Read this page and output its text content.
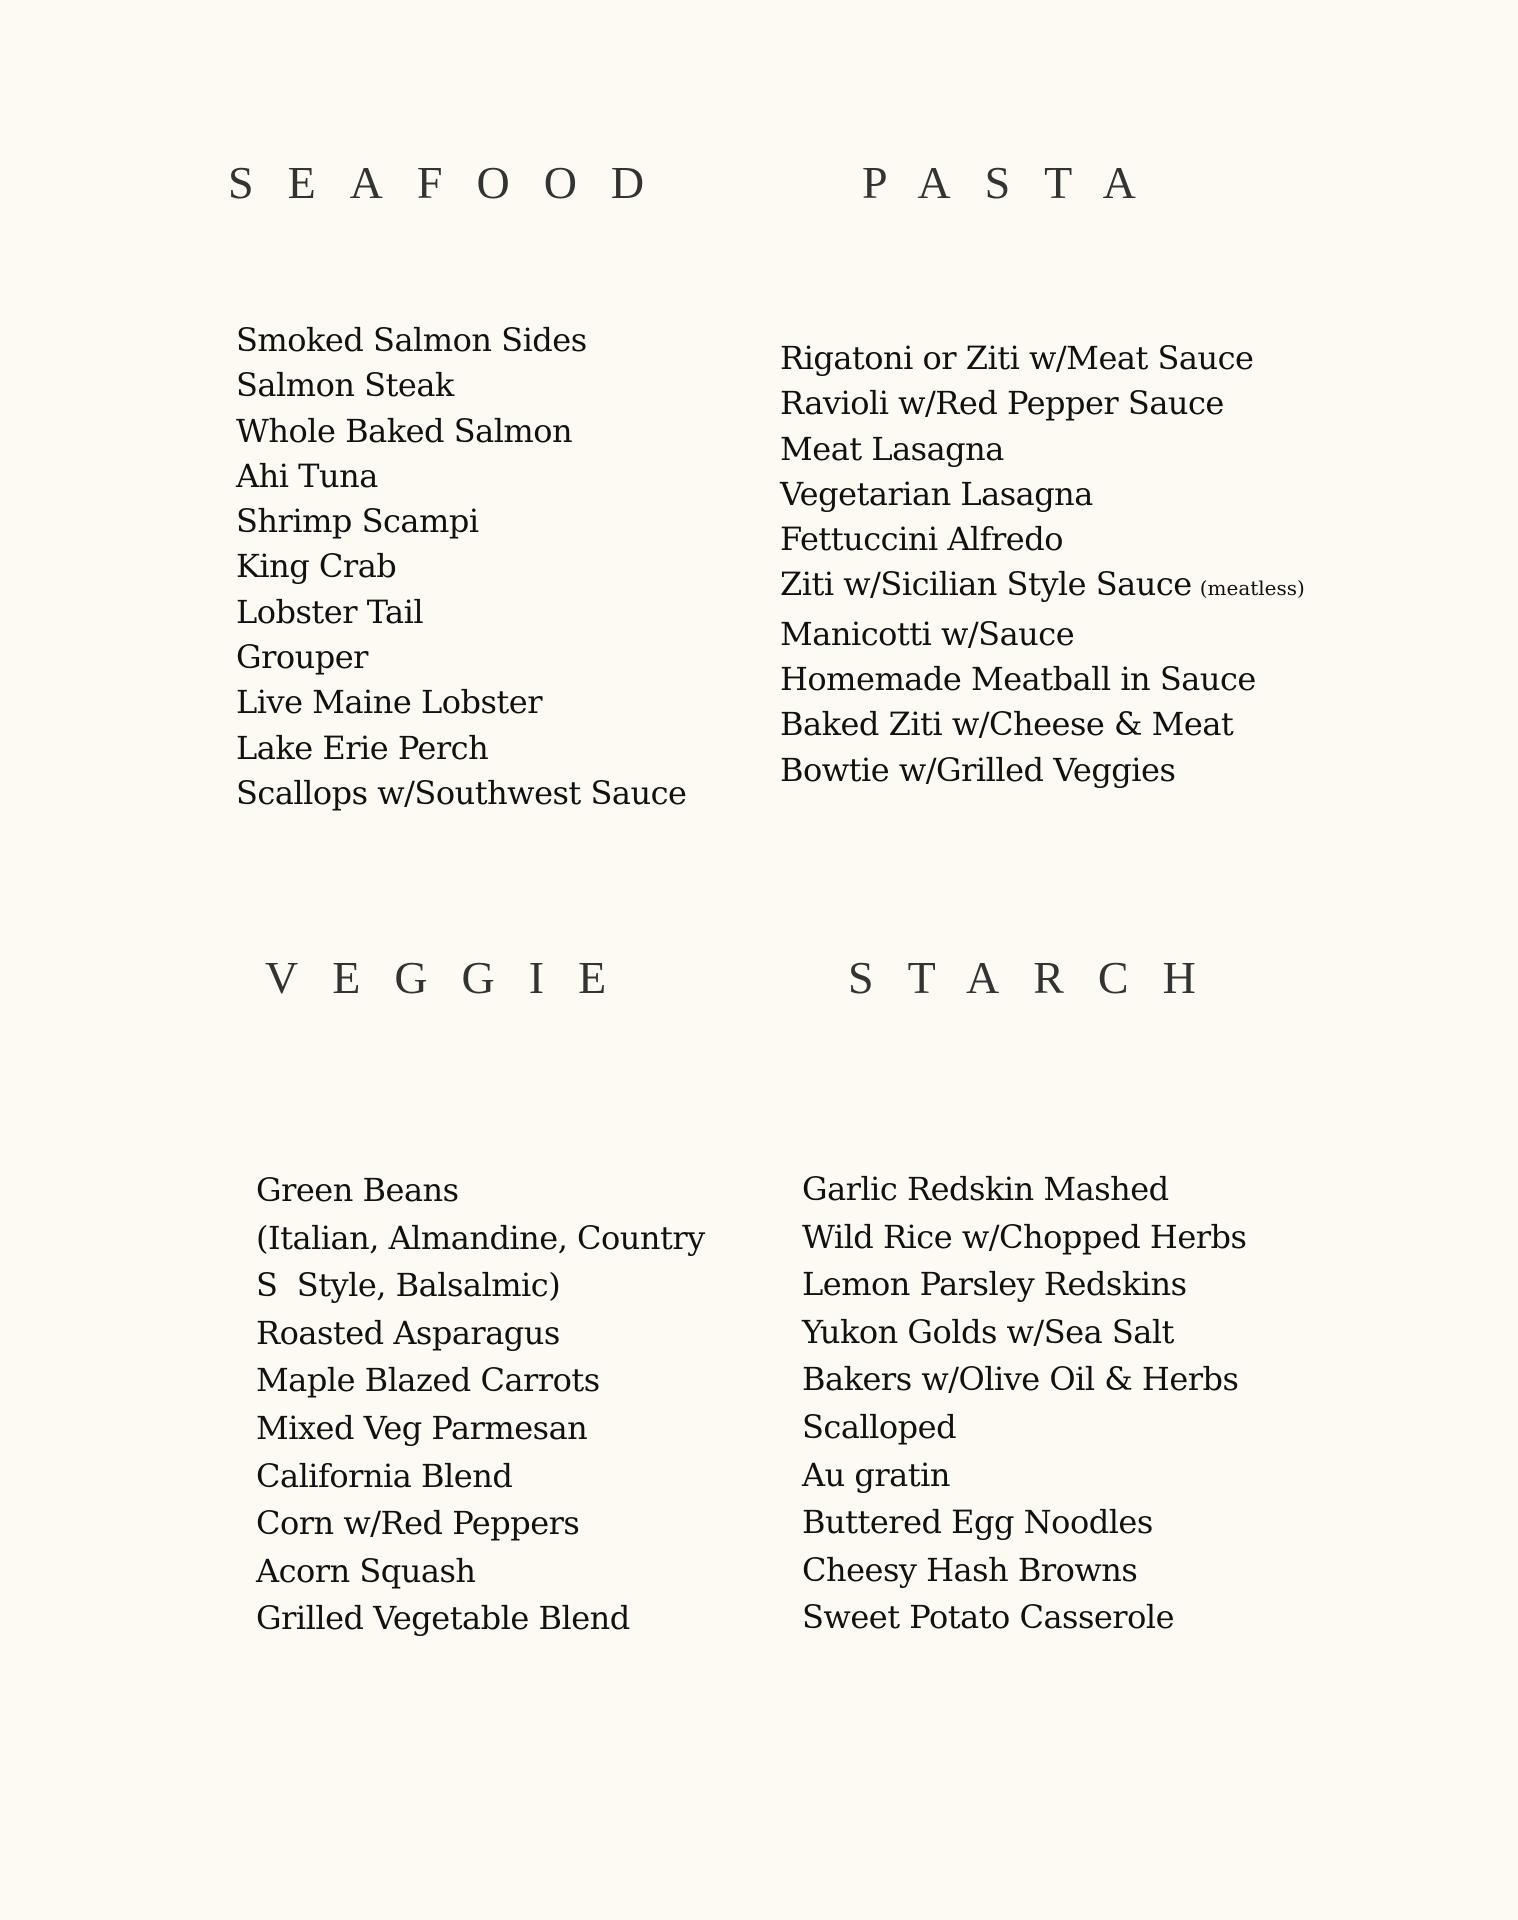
SEAFOOD	PASTA
VEGGIE	STARCH
Smoked Salmon Sides
Salmon Steak
Whole Baked Salmon
Ahi Tuna
Shrimp Scampi
King Crab
Lobster Tail
Grouper
Live Maine Lobster
Lake Erie Perch
Scallops w/Southwest Sauce
Rigatoni or Ziti w/Meat Sauce
Ravioli w/Red Pepper Sauce
Meat Lasagna
Vegetarian Lasagna
Fettuccini Alfredo
Ziti w/Sicilian Style Sauce (meatless)
Manicotti w/Sauce
Homemade Meatball in Sauce
Baked Ziti w/Cheese & Meat
Bowtie w/Grilled Veggies
Green Beans
(Italian, Almandine, Country
S  Style, Balsalmic)
Roasted Asparagus
Maple Blazed Carrots
Mixed Veg Parmesan
California Blend
Corn w/Red Peppers
Acorn Squash
Grilled Vegetable Blend
Garlic Redskin Mashed
Wild Rice w/Chopped Herbs
Lemon Parsley Redskins
Yukon Golds w/Sea Salt
Bakers w/Olive Oil & Herbs
Scalloped
Au gratin
Buttered Egg Noodles
Cheesy Hash Browns
Sweet Potato Casserole
